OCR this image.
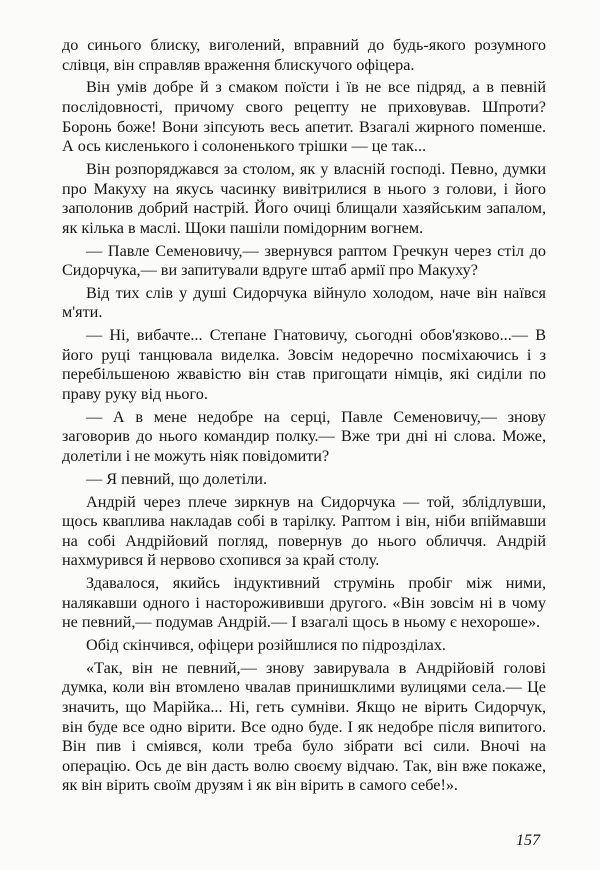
до синього блиску, виголений, вправний до будь-якого розумного слівця, він справляв враження блискучого офіцера.

Він умів добре й з смаком поїсти і їв не все підряд, а в певній послідовності, причому свого рецепту не приховував. Шпроти? Боронь боже! Вони зіпсують весь апетит. Взагалі жирного поменше. А ось кисленького і солоненького трішки — це так...

Він розпоряджався за столом, як у власній господі. Певно, думки про Макуху на якусь часинку вивітрилися в нього з голови, і його заполонив добрий настрій. Його очиці блищали хазяйським запалом, як кілька в маслі. Щоки пашіли помідорним вогнем.

— Павле Семеновичу,— звернувся раптом Гречкун через стіл до Сидорчука,— ви запитували вдруге штаб армії про Макуху?

Від тих слів у душі Сидорчука війнуло холодом, наче він наївся м'яти.

— Ні, вибачте... Степане Гнатовичу, сьогодні обов'язково...— В його руці танцювала виделка. Зовсім недоречно посміхаючись і з перебільшеною жвавістю він став пригощати німців, які сиділи по праву руку від нього.

— А в мене недобре на серці, Павле Семеновичу,— знову заговорив до нього командир полку.— Вже три дні ні слова. Може, долетіли і не можуть ніяк повідомити?

— Я певний, що долетіли.

Андрій через плече зиркнув на Сидорчука — той, зблідлувши, щось кваплива накладав собі в тарілку. Раптом і він, ніби впіймавши на собі Андрійовий погляд, повернув до нього обличчя. Андрій нахмурився й нервово схопився за край столу.

Здавалося, якийсь індуктивний струмінь пробіг між ними, налякавши одного і насторожививши другого. «Він зовсім ні в чому не певний,— подумав Андрій.— І взагалі щось в ньому є нехороше».

Обід скінчився, офіцери розійшлися по підрозділах.

«Так, він не певний,— знову завирувала в Андрійовій голові думка, коли він втомлено чвалав принишклими вулицями села.— Це значить, що Марійка... Ні, геть сумніви. Якщо не вірить Сидорчук, він буде все одно вірити. Все одно буде. І як недобре після випитого. Він пив і сміявся, коли треба було зібрати всі сили. Вночі на операцію. Ось де він дасть волю своєму відчаю. Так, він вже покаже, як він вірить своїм друзям і як він вірить в самого себе!».

157
